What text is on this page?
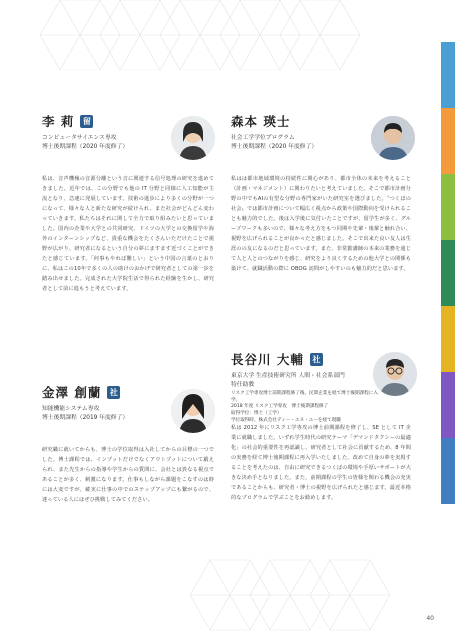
李 莉	留
コンピュータサイエンス専攻
博士後期課程（2020 年度修了）
私は、音声機械の音源分離という音に関連する信号処理の研究を進めてきました。近年では、この分野でも他の IT 分野と同様に人工知能が主流となり、急速に発展しています。技術の進歩により多くの分野が一つになって、様々な人と新たな研究が続けられ、また社会がどんどん変わっていきます。私たちはそれに関して全力で取り組みたいと思っていました。国内の企業や大学との共同研究、ドイツの大学との交換留学や海外のインターンシップなど、貴重な機会をたくさんいただけたことで視野が広がり、研究者になるという自分の夢にますます近づくことができたと感じています。「何事もやれば難しい」という中国の言葉のとおりに、私はこの10年で多くの人の助けのおかげで研究者としての第一歩を踏み出せました。完成された大学院生活で得られた経験を生かし、研究者として前に進もうと考えています。
森本 瑛士
社会工学学位プログラム
博士後期課程（2020 年度修了）
私はは都市地域環境の持続性に関心があり、都市全体の未来を考えること（計画・マネジメント）に関わりたいと考えていました。そこで都市計画分野の中でもAIの有望な分野の専門家がいた研究室を選びました。〝つくばの社会〟では都市計画について幅広く視点から政策や国際動向を受けられることも魅力的でした。後は入学後に気付いたことですが、留学生が多く、グループワークも多いので、様々な考え方をもつ同期や先輩・後輩と触れ合い、視野を広げられることが良かったと感じました。そこで出来た良い友人は生涯のの友になるのだと思っています。また、非常勤講師の本来の業務を通じて人と人とのつながりを感じ、研究をより良くするための他大学との関係も築けて、就職活動の際に OBOG 訪問がしやすいのも魅力的だと思います。
金澤 創蘭	社
知能機能システム専攻
博士後期課程（2019 年度修了）
研究職に就いてからも、博士の学位取得は入社してからの目標の一つでした。博士課程では、インプットだけでなくアウトプットについて鍛えられ、また先生からの指導や学生からの質問に、会社とは異なる視点であることが多く、刺激になります。仕事もしながら課題をこなすのは時には大変ですが、確実に仕事の中でのステップアップにも繋がるので、迷っている人にはぜひ挑戦してみてください。
長谷川 大輔	社
東京大学 生産技術研究所 人間・社会系部門
特任助教
リスク工学専攻博士前期課程修了後、民間企業を経て博士後期課程に入学。
2018 年度 リスク工学専攻　博士後期課程修了
取得学位：博士（工学）
学位取得時、株式会社ディー・エヌ・エーを経て現職
私は 2012 年にリスク工学専攻の博士前期課程を修了し、SE として IT 企業に就職しました。いずれ学生時代の研究テーマ「デマンドタクシーの最適化」の社会的重要性を再認識し、研究者として社会に貢献するため、8 年間の実務を経て博士後期課程に再入学いたしました。改めて自身の夢を実現することを考えたのは、自由に研究できるつくばの環境や手厚いサポートが大きな決め手となりました。また、前期課程の学生の皆様を関わる機会の充実であることからも、研究者・博士の視野を広げられたと感じます。最近本格的なプログラムで学ぶことをお勧めします。
40
